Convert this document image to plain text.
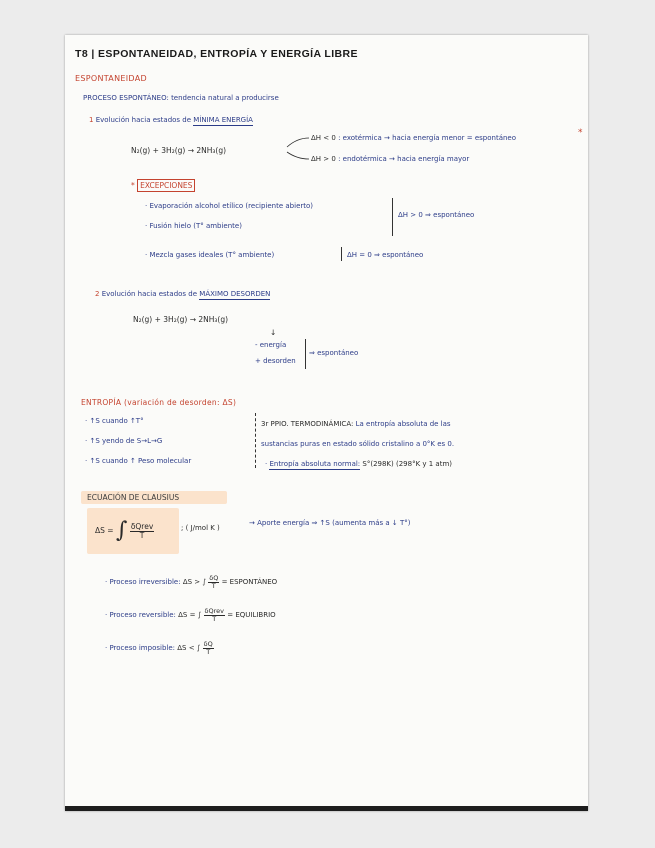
T8 | ESPONTANEIDAD, ENTROPÍA Y ENERGÍA LIBRE
ESPONTANEIDAD
PROCESO ESPONTÁNEO: tendencia natural a producirse
1 Evolución hacia estados de MÍNIMA ENERGÍA
N₂(g) + 3H₂(g) → 2NH₃(g)
ΔH < 0 : exotérmica → hacia energía menor = espontáneo	*
ΔH > 0 : endotérmica → hacia energía mayor
* EXCEPCIONES
· Evaporación alcohol etílico (recipiente abierto)
· Fusión hielo (T° ambiente)
ΔH > 0 ⇒ espontáneo
· Mezcla gases ideales (T° ambiente)	ΔH = 0 ⇒ espontáneo
2 Evolución hacia estados de MÁXIMO DESORDEN
N₂(g) + 3H₂(g) → 2NH₃(g)
↓
- energía
+ desorden
⇒ espontáneo
ENTROPÍA (variación de desorden: ΔS)
· ↑S cuando ↑T°
· ↑S yendo de S→L→G
· ↑S cuando ↑ Peso molecular
3r PPIO. TERMODINÁMICA: La entropía absoluta de las
sustancias puras en estado sólido cristalino a 0°K es 0.
· Entropía absoluta normal: S°(298K) (298°K y 1 atm)
ECUACIÓN DE CLAUSIUS
ΔS = ∫ $\frac{\text{δQrev}}{T}$	; ( J/mol K )
→ Aporte energía ⇒ ↑S (aumenta más a ↓ T°)
· Proceso irreversible: ΔS > ∫ $\frac{\delta Q}{T}$ = ESPONTÁNEO
· Proceso reversible: ΔS = ∫ $\frac{\text{δQrev}}{T}$ = EQUILIBRIO
· Proceso imposible: ΔS < ∫ $\frac{\delta Q}{T}$
